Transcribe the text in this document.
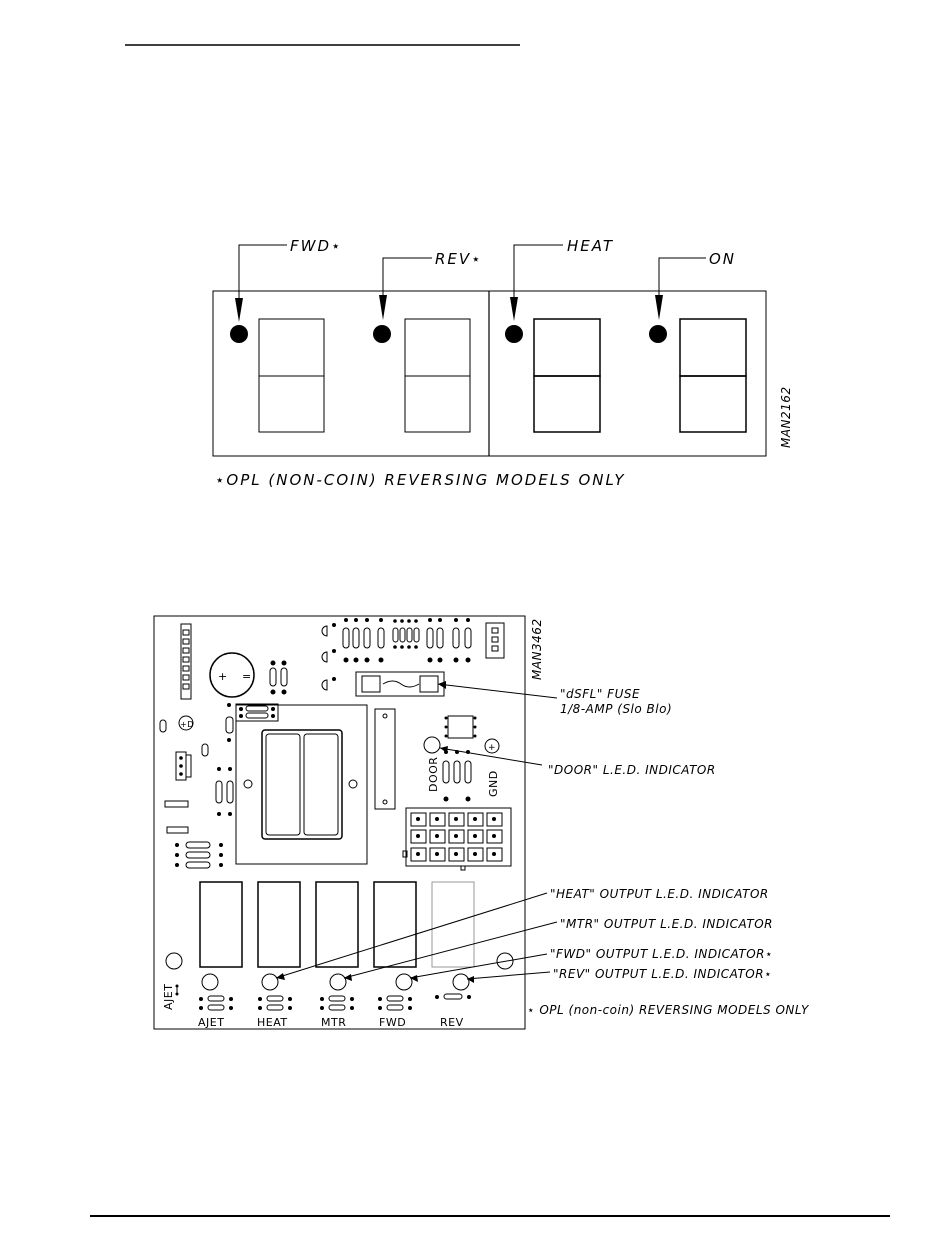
FWD⋆
REV⋆
HEAT
ON
MAN2162
⋆OPL (NON-COIN) REVERSING MODELS ONLY
MAN3462
+ =
+D
+
DOOR	GND
AJET
AJET	HEAT	MTR	FWD	REV
"dSFL" FUSE
1/8-AMP (Slo Blo)
"DOOR" L.E.D. INDICATOR
"HEAT" OUTPUT L.E.D. INDICATOR
"MTR" OUTPUT L.E.D. INDICATOR
"FWD" OUTPUT L.E.D. INDICATOR⋆
"REV" OUTPUT L.E.D. INDICATOR⋆
⋆ OPL (non-coin) REVERSING MODELS ONLY
